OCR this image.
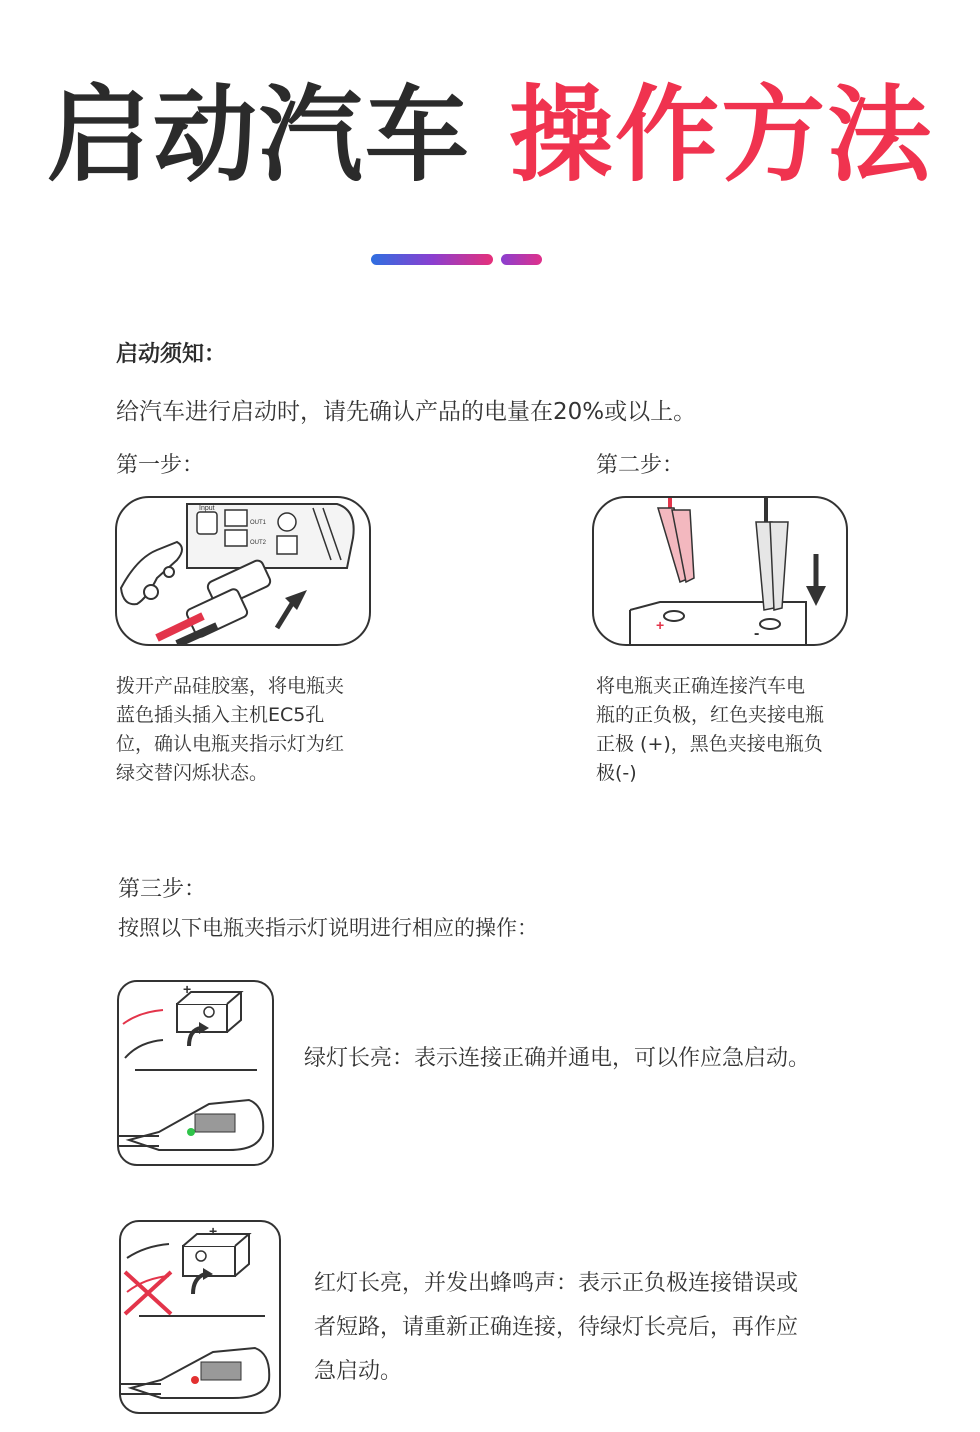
启动汽车 操作方法
启动须知：
给汽车进行启动时，请先确认产品的电量在20%或以上。
第一步：
Input
OUT1
OUT2
拨开产品硅胶塞，将电瓶夹
蓝色插头插入主机EC5孔
位，确认电瓶夹指示灯为红
绿交替闪烁状态。
第二步：
+	-
将电瓶夹正确连接汽车电
瓶的正负极，红色夹接电瓶
正极 (+)，黑色夹接电瓶负
极(-)
第三步：
按照以下电瓶夹指示灯说明进行相应的操作：
+
绿灯长亮：表示连接正确并通电，可以作应急启动。
+
红灯长亮，并发出蜂鸣声：表示正负极连接错误或
者短路，请重新正确连接，待绿灯长亮后，再作应
急启动。
